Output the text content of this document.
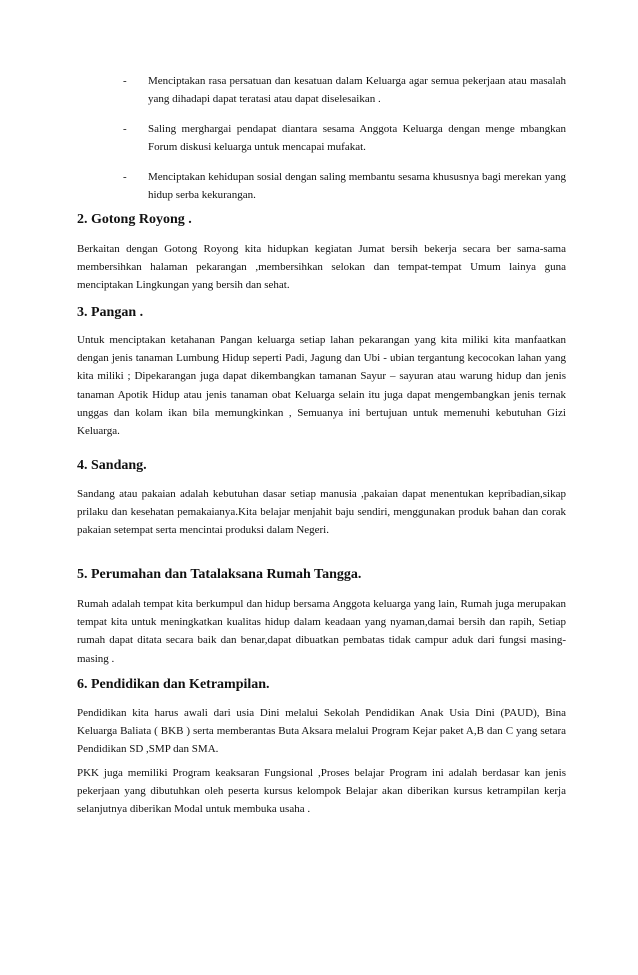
- Menciptakan rasa persatuan dan kesatuan dalam Keluarga agar semua pekerjaan atau masalah yang dihadapi dapat teratasi atau dapat diselesaikan .
- Saling merghargai pendapat diantara sesama Anggota Keluarga dengan menge mbangkan Forum diskusi keluarga untuk mencapai mufakat.
- Menciptakan kehidupan sosial dengan saling membantu sesama khususnya bagi merekan yang hidup serba kekurangan.
2. Gotong Royong .
Berkaitan dengan Gotong Royong kita hidupkan kegiatan Jumat bersih bekerja secara ber sama-sama membersihkan halaman pekarangan ,membersihkan selokan dan tempat-tempat Umum lainya guna menciptakan Lingkungan yang bersih dan sehat.
3. Pangan .
Untuk menciptakan ketahanan Pangan keluarga setiap lahan pekarangan yang kita miliki kita manfaatkan dengan jenis tanaman Lumbung Hidup seperti Padi, Jagung dan Ubi - ubian tergantung kecocokan lahan yang kita miliki ; Dipekarangan juga dapat dikembangkan tamanan Sayur – sayuran atau warung hidup dan jenis tanaman Apotik Hidup atau jenis tanaman obat Keluarga selain itu juga dapat mengembangkan jenis ternak unggas dan kolam ikan bila memungkinkan , Semuanya ini bertujuan untuk memenuhi kebutuhan Gizi Keluarga.
4. Sandang.
Sandang atau pakaian adalah kebutuhan dasar setiap manusia ,pakaian dapat menentukan kepribadian,sikap prilaku dan kesehatan pemakaianya.Kita belajar menjahit baju sendiri, menggunakan produk bahan dan corak pakaian setempat serta mencintai produksi dalam Negeri.
5. Perumahan dan Tatalaksana Rumah Tangga.
Rumah adalah tempat kita berkumpul dan hidup bersama Anggota keluarga yang lain, Rumah juga merupakan tempat kita untuk meningkatkan kualitas hidup dalam keadaan yang nyaman,damai bersih dan rapih, Setiap rumah dapat ditata secara baik dan benar,dapat dibuatkan pembatas tidak campur aduk dari fungsi masing-masing .
6. Pendidikan dan Ketrampilan.
Pendidikan kita harus awali dari usia Dini melalui Sekolah Pendidikan Anak Usia Dini (PAUD), Bina Keluarga Baliata ( BKB ) serta memberantas Buta Aksara melalui Program Kejar paket A,B dan C yang setara Pendidikan SD ,SMP dan SMA.
PKK juga memiliki Program keaksaran Fungsional ,Proses belajar Program ini adalah berdasar kan jenis pekerjaan yang dibutuhkan oleh peserta kursus kelompok Belajar akan diberikan kursus ketrampilan kerja selanjutnya diberikan Modal untuk membuka usaha .
